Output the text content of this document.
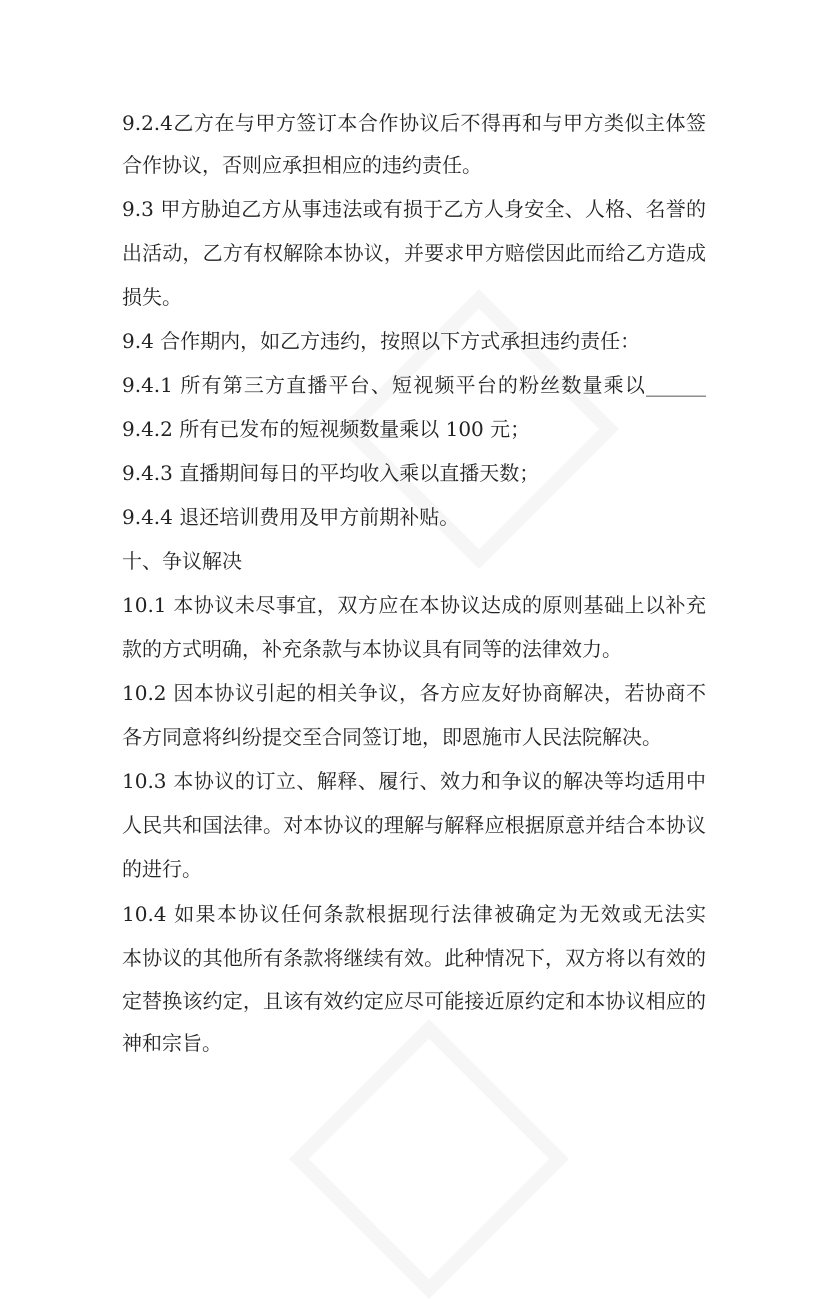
9.2.4乙方在与甲方签订本合作协议后不得再和与甲方类似主体签
合作协议，否则应承担相应的违约责任。
9.3 甲方胁迫乙方从事违法或有损于乙方人身安全、人格、名誉的
出活动，乙方有权解除本协议，并要求甲方赔偿因此而给乙方造成
损失。
9.4 合作期内，如乙方违约，按照以下方式承担违约责任：
9.4.1 所有第三方直播平台、短视频平台的粉丝数量乘以______
9.4.2 所有已发布的短视频数量乘以 100 元；
9.4.3 直播期间每日的平均收入乘以直播天数；
9.4.4 退还培训费用及甲方前期补贴。
十、争议解决
10.1 本协议未尽事宜，双方应在本协议达成的原则基础上以补充
款的方式明确，补充条款与本协议具有同等的法律效力。
10.2 因本协议引起的相关争议，各方应友好协商解决，若协商不
各方同意将纠纷提交至合同签订地，即恩施市人民法院解决。
10.3 本协议的订立、解释、履行、效力和争议的解决等均适用中
人民共和国法律。对本协议的理解与解释应根据原意并结合本协议
的进行。
10.4 如果本协议任何条款根据现行法律被确定为无效或无法实
本协议的其他所有条款将继续有效。此种情况下，双方将以有效的
定替换该约定，且该有效约定应尽可能接近原约定和本协议相应的
神和宗旨。
